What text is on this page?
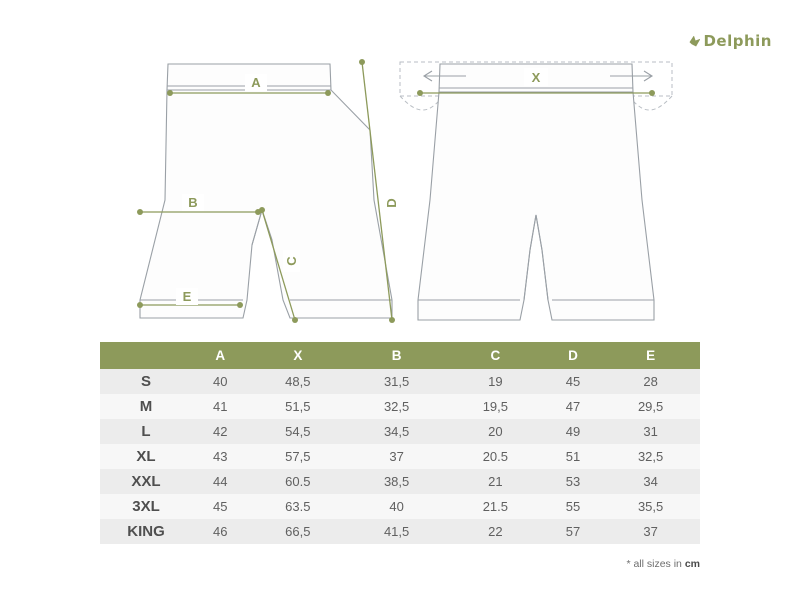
Delphin
A
B
C
D
E
X
	A	X	B	C	D	E
S	40	48,5	31,5	19	45	28
M	41	51,5	32,5	19,5	47	29,5
L	42	54,5	34,5	20	49	31
XL	43	57,5	37	20.5	51	32,5
XXL	44	60.5	38,5	21	53	34
3XL	45	63.5	40	21.5	55	35,5
KING	46	66,5	41,5	22	57	37
* all sizes in cm
